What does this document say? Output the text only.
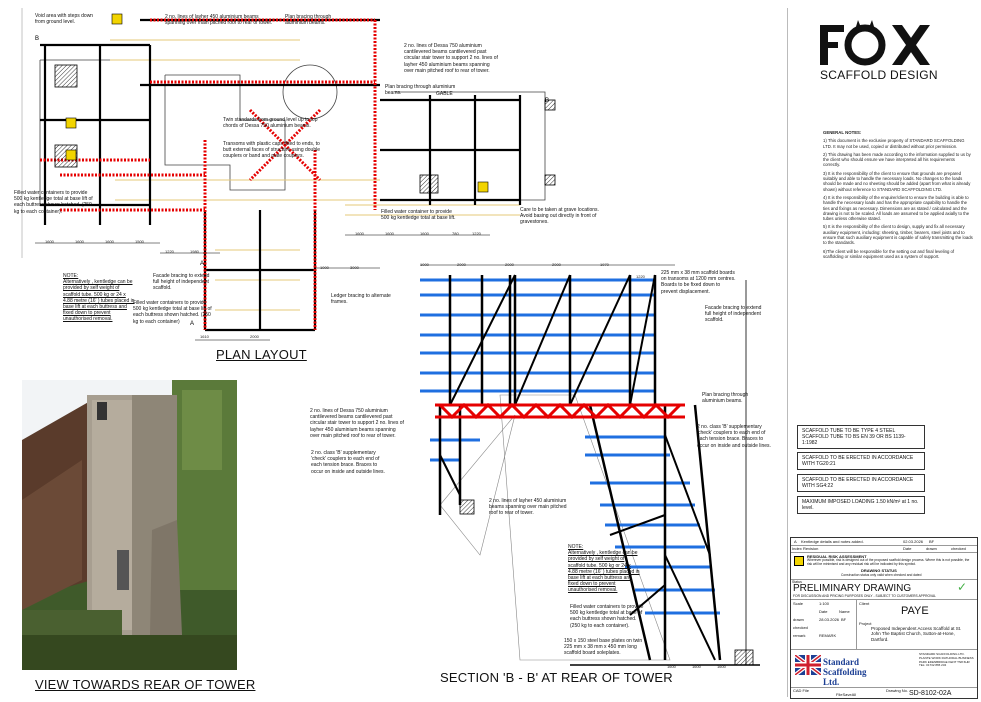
B
B
A
A
Void area with steps down from ground level.
2 no. lines of layher 450 aluminium beams spanning over main pitched roof to rear of tower.
Plan bracing through aluminium beams.
2 no. lines of Dessa 750 aluminium cantilevered beams cantilevered past circular stair tower to support 2 no. lines of layher 450 aluminium beams spanning over main pitched roof to rear of tower.
Plan bracing through aluminium beams.	GABLE
Twin standards from ground level up to top chords of Dessa 750 aluminium beams.
Transoms with plastic caps fitted to ends, to butt external faces of structure using double couplers or band and plate couplers.
Filled water containers to provide 500 kg kentledge total at base lift of each buttress shown hatched. (250 kg to each container).	Filled water container to provide 500 kg kentledge total at base lift.
Care to be taken at grave locations. Avoid basing out directly in front of gravestones.
Facade bracing to extend full height of independent scaffold.
Filled water containers to provide 500 kg kentledge total at base lift of each buttress shown hatched. (250 kg to each container)
Ledger bracing to alternate frames.
NOTE:
Alternatively , kentledge can be provided by self weight of scaffold tube. 500 kg or 24 x 4.88 metre (16' ) tubes placed in base lift at each buttress and fixed down to prevent unauthorised removal.
1600	1600	1600	1500
1220	1980
1600	1600	1600	780	1220
1000	3000
1610	2000
PLAN LAYOUT
VIEW TOWARDS REAR OF TOWER
1000	2000	2000	2000	1970
1220
1600	1600	1600
225 mm x 38 mm scaffold boards on transoms at 1200 mm centres. Boards to be fixed down to prevent displacement.
Facade bracing to extend full height of independent scaffold.
Plan bracing through aluminium beams.
2 no. lines of Dessa 750 aluminium cantilevered beams cantilevered past circular stair tower to support 2 no. lines of layher 450 aluminium beams spanning over main pitched roof to rear of tower.
2 no. class 'B' supplementary 'check' couplers to each end of each tension brace. Braces to occur on inside and outside lines.
2 no. class 'B' supplementary 'check' couplers to each end of each tension brace. Braces to occur on inside and outside lines.
2 no. lines of layher 450 aluminium beams spanning over main pitched roof to rear of tower.
Filled water containers to provide 500 kg kentledge total at base of each buttress shown hatched. (250 kg to each container).
150 x 150 steel base plates on twin 225 mm x 38 mm x 450 mm long scaffold board soleplates.
NOTE:
Alternatively , kentledge can be provided by self weight of scaffold tube. 500 kg or 24 x 4.88 metre (16' ) tubes placed in base lift at each buttress and fixed down to prevent unauthorised removal.
SECTION 'B - B' AT REAR OF TOWER
SCAFFOLD DESIGN

GENERAL NOTES:

1) This document is the exclusive property of STANDARD SCAFFOLDING LTD. It may not be used, copied or distributed without prior permission.

2) This drawing has been made according to the information supplied to us by the client who should ensure we have interpreted all his requirements correctly.

3) It is the responsibility of the client to ensure that grounds are prepared suitably and able to handle the necessary loads. No changes to the loads should be made and no sheeting should be added (apart from what is already shown) without reference to STANDARD SCAFFOLDING LTD.

4) It is the responsibility of the enquirer/client to ensure the building is able to handle the necessary loads and has the appropriate capability to handle the ties and fixings as necessary. Dimensions are as stated / calculated and the drawing is not to be scaled. All loads are assumed to be applied axially to the tubes unless otherwise stated.

5) It is the responsibility of the client to design, supply and fix all necessary auxiliary equipment, including: sheeting, timber, bearers, steel joists and to ensure that such auxiliary equipment is capable of safely transmitting the loads to the standards.

6)The client will be responsible for the setting out and final leveling of scaffolding or similar equipment used as a system of support.

SCAFFOLD TUBE TO BE TYPE 4 STEEL SCAFFOLD TUBE TO BS EN 39 OR BS 1139-1:1982
SCAFFOLD TO BE ERECTED IN ACCORDANCE WITH TG20:21
SCAFFOLD TO BE ERECTED IN ACCORDANCE WITH SG4:22
MAXIMUM IMPOSED LOADING 1.50 kN/m² at 1 no. level.
A Kentledge details and notes added.	02.03.2026 BF
Index Revision	Date	drawn	checked
RESIDUAL RISK ASSESSMENT
Wherever possible, risk is designed out of the proposed scaffold design process. Where this is not possible, the risk will be minimised and any residual risk will be indicated by this symbol.
DRAWING STATUS
Construction status only valid when checked and dated
Status
PRELIMINARY DRAWING
FOR DISCUSSION AND PRICING PURPOSES ONLY - SUBJECT TO CUSTOMERS APPROVAL
✓
Scale	1:100
Date	Name
drawn	28.03.2026 BF
checked
remark	REMARK
Client
PAYE
Project
Proposed Independent Access Scaffold at St. John The Baptist Church, Sutton-at-Hone, Dartford.
Standard Scaffolding Ltd.
STANDARD SCAFFOLDING LTD. PLANTE WORK RATHODAL BUSINESS PARK EDENBRIDGE KENT TN8 6HR TEL: 01732 865 234
CAD File
FileSaveAll
Drawing No. SD-8102-02A
